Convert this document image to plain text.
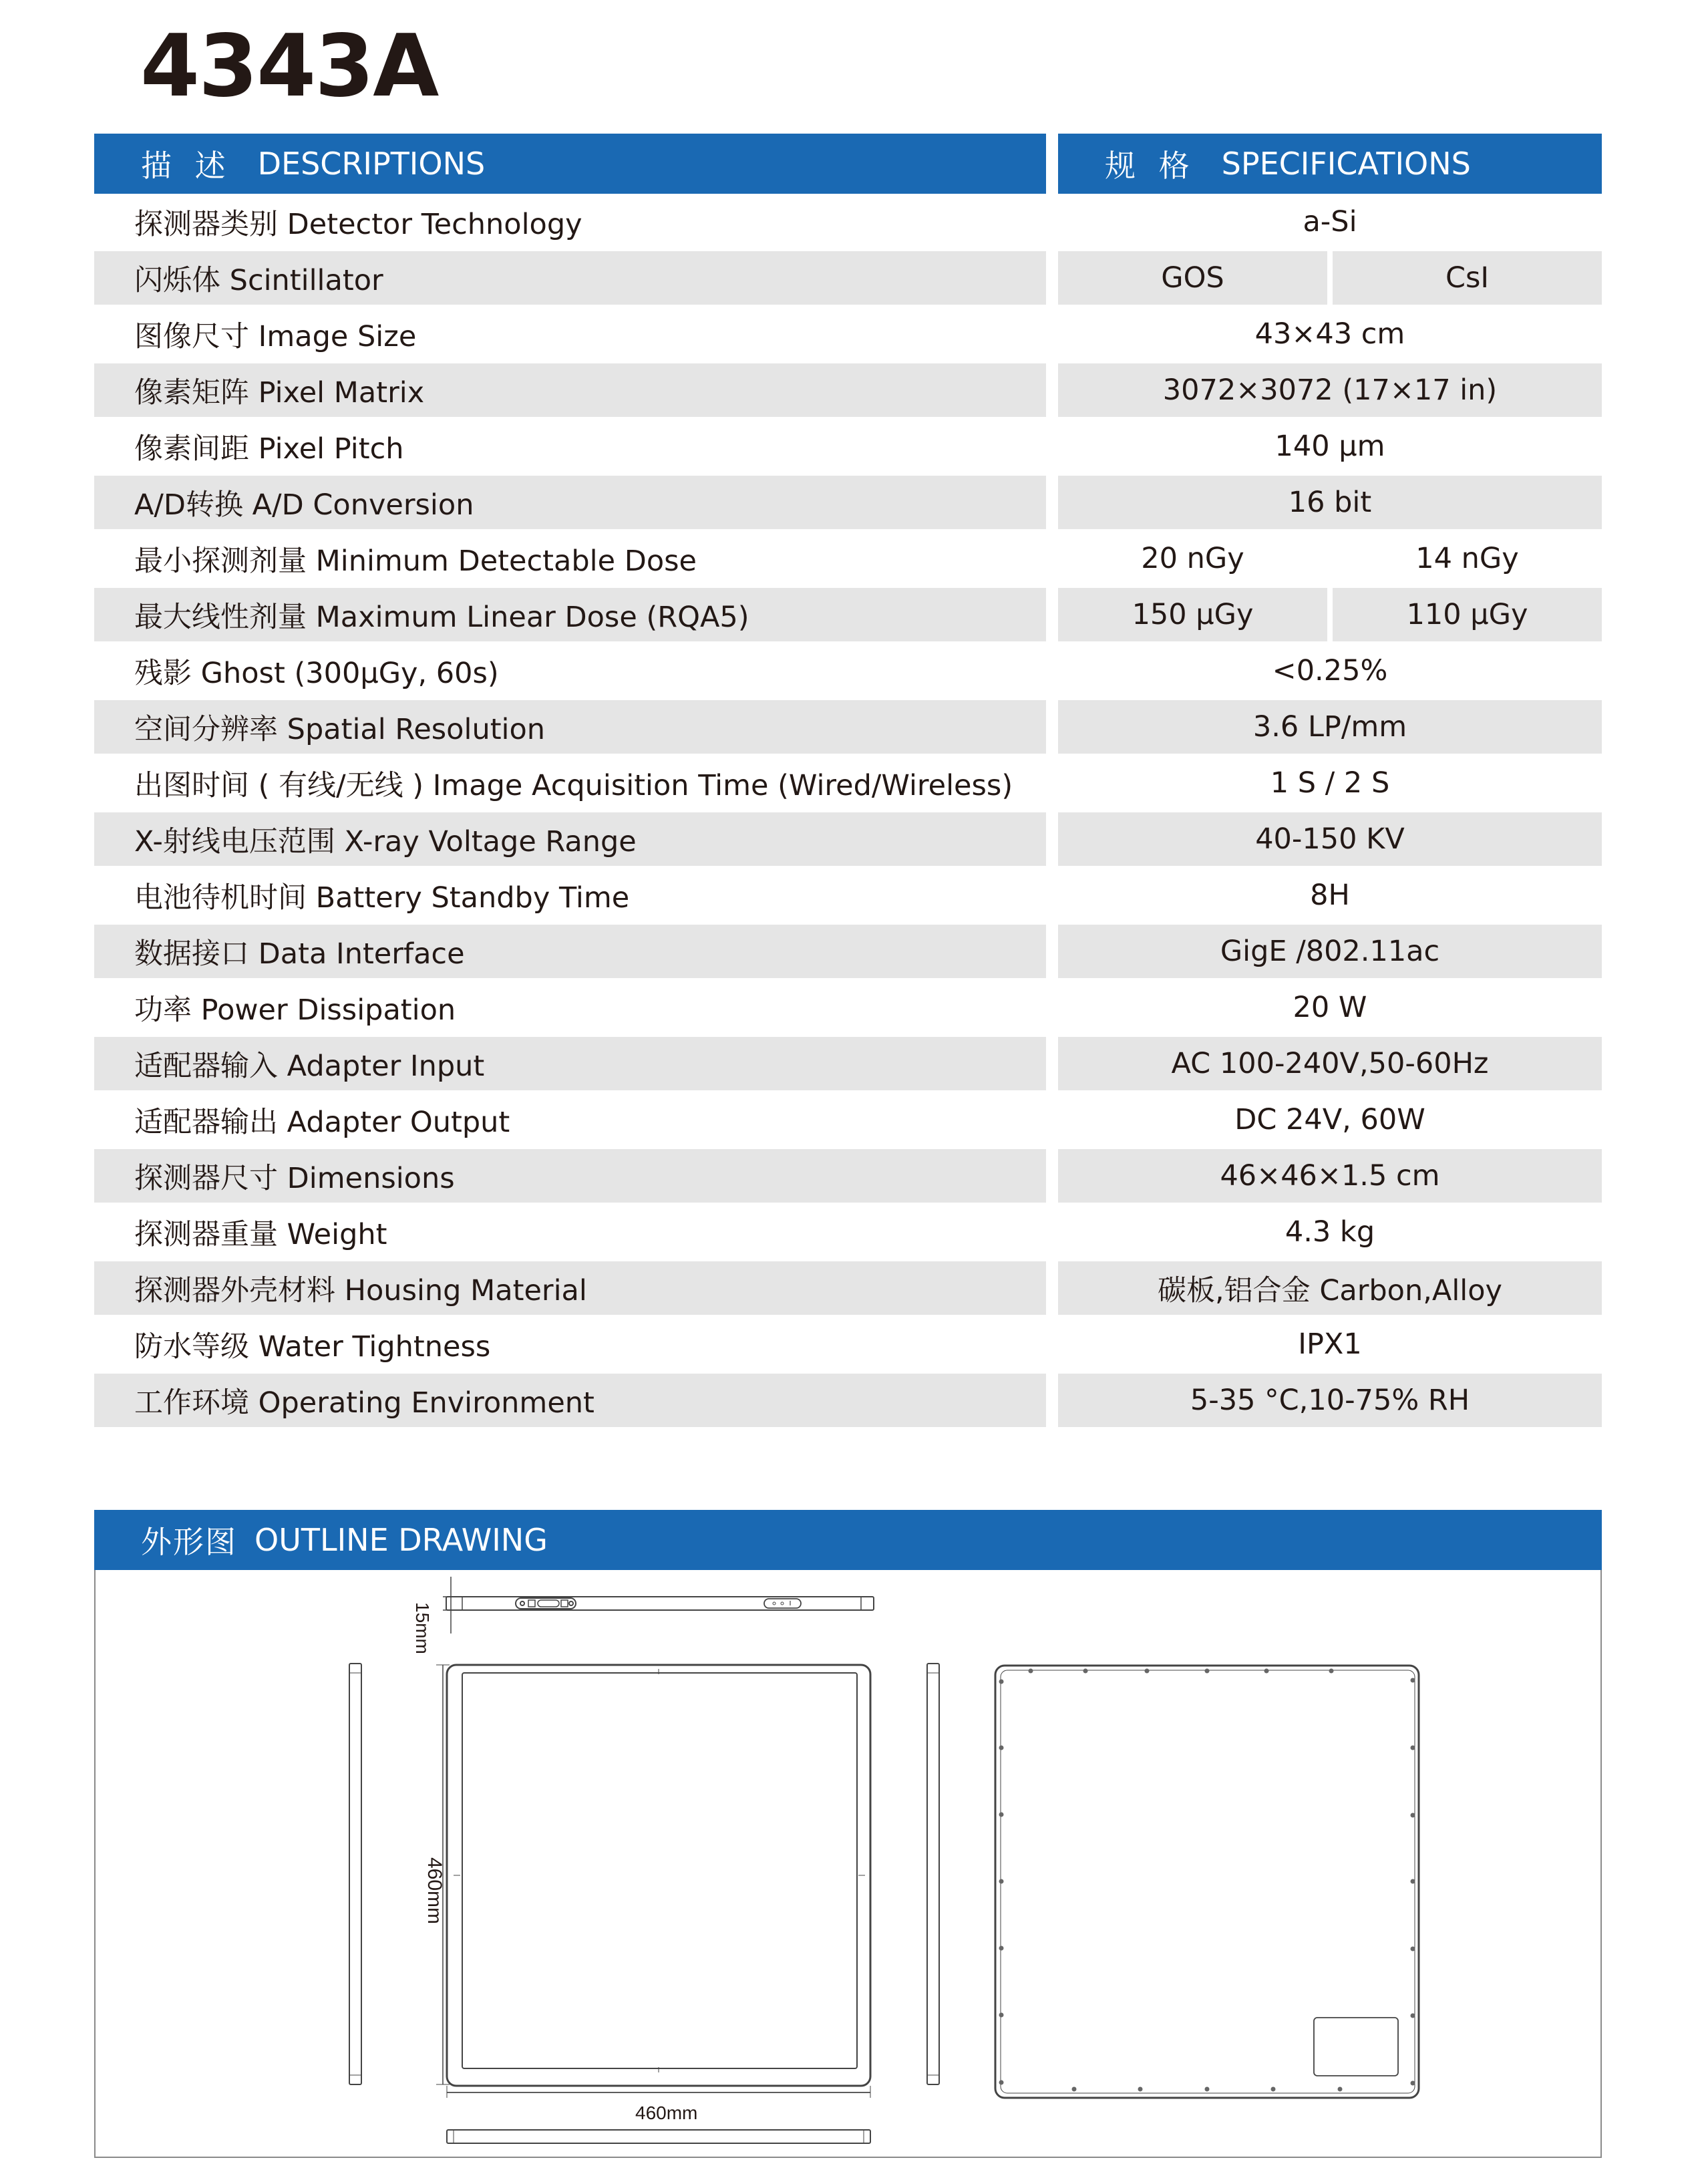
4343A
描 述 DESCRIPTIONS	规 格 SPECIFICATIONS
探测器类别 Detector Technology	a-Si
闪烁体 Scintillator	GOS	CsI
图像尺寸 Image Size	43×43 cm
像素矩阵 Pixel Matrix	3072×3072 (17×17 in)
像素间距 Pixel Pitch	140 μm
A/D转换 A/D Conversion	16 bit
最小探测剂量 Minimum Detectable Dose	20 nGy	14 nGy
最大线性剂量 Maximum Linear Dose (RQA5)	150 μGy	110 μGy
残影 Ghost (300μGy, 60s)	<0.25%
空间分辨率 Spatial Resolution	3.6 LP/mm
出图时间 ( 有线/无线 ) Image Acquisition Time (Wired/Wireless)	1 S / 2 S
X-射线电压范围 X-ray Voltage Range	40-150 KV
电池待机时间 Battery Standby Time	8H
数据接口 Data Interface	GigE /802.11ac
功率 Power Dissipation	20 W
适配器输入 Adapter Input	AC 100-240V,50-60Hz
适配器输出 Adapter Output	DC 24V, 60W
探测器尺寸 Dimensions	46×46×1.5 cm
探测器重量 Weight	4.3 kg
探测器外壳材料 Housing Material	碳板,铝合金 Carbon,Alloy
防水等级 Water Tightness	IPX1
工作环境 Operating Environment	5-35 °C,10-75% RH
外形图 OUTLINE DRAWING
15mm
460mm
460mm
